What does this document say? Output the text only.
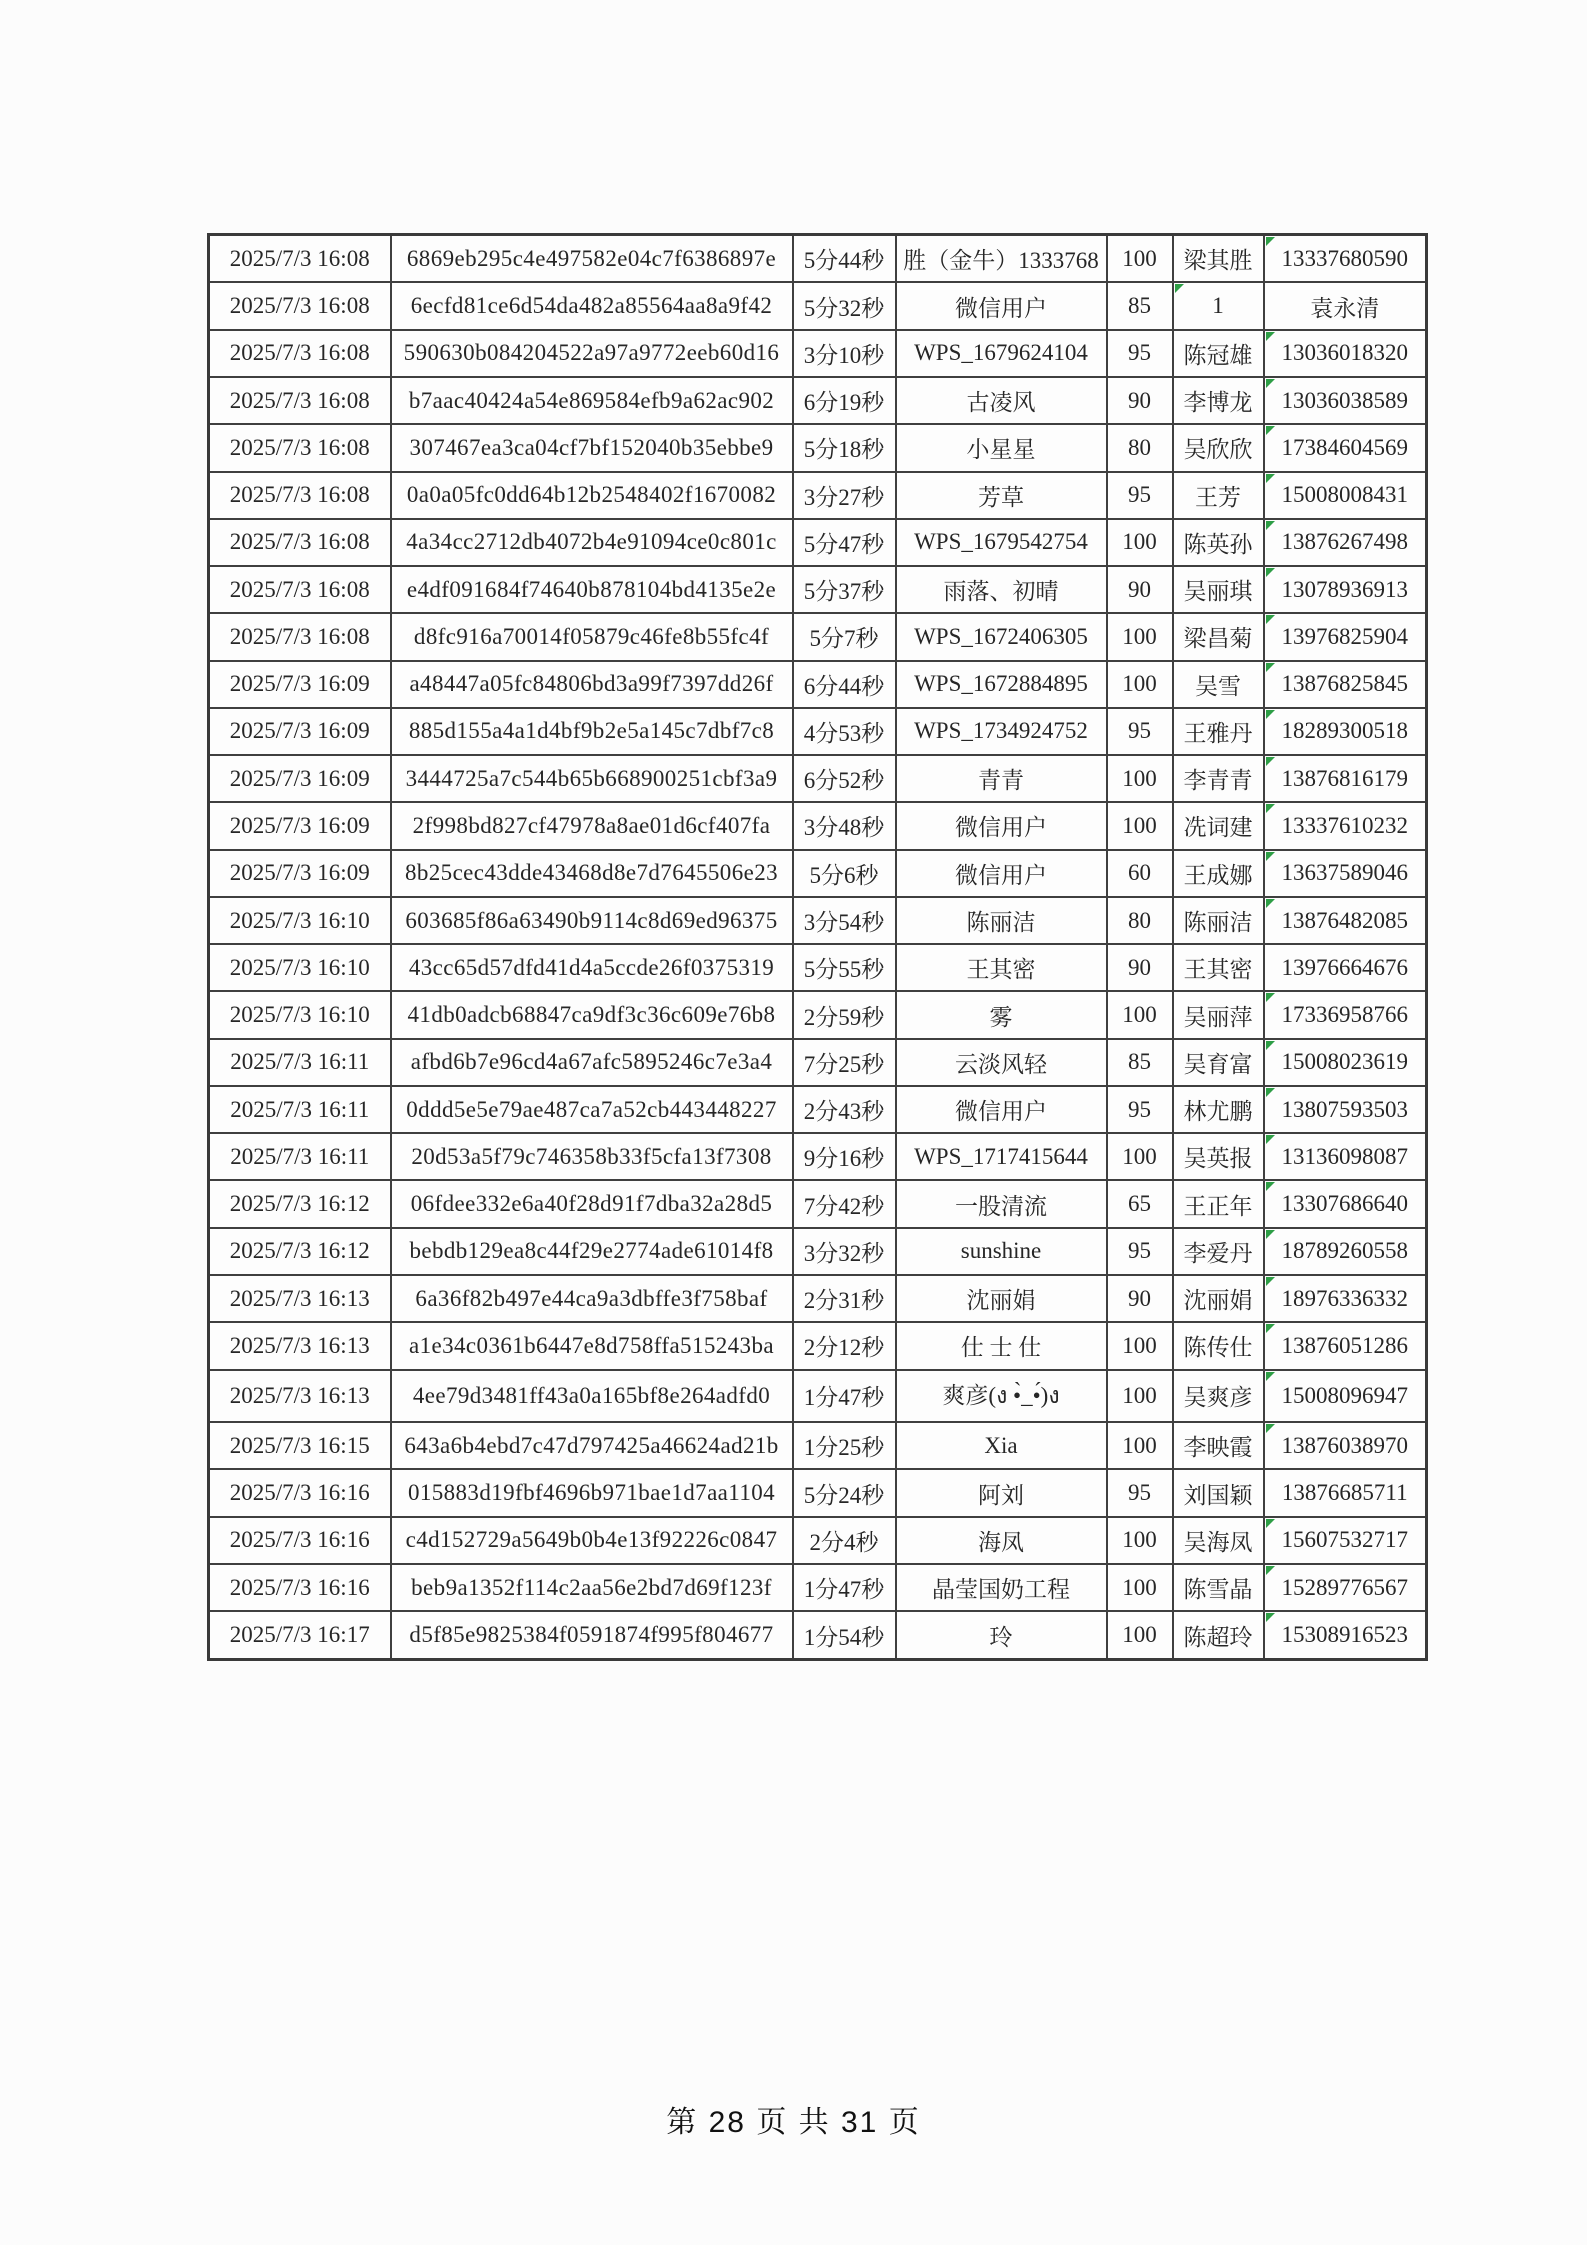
2025/7/3 16:08	6869eb295c4e497582e04c7f6386897e	5分44秒	胜（金牛）1333768	100	梁其胜	13337680590

2025/7/3 16:08	6ecfd81ce6d54da482a85564aa8a9f42	5分32秒	微信用户	85	1	袁永清
2025/7/3 16:08	590630b084204522a97a9772eeb60d16	3分10秒	WPS_1679624104	95	陈冠雄	13036018320

2025/7/3 16:08	b7aac40424a54e869584efb9a62ac902	6分19秒	古凌风	90	李博龙	13036038589

2025/7/3 16:08	307467ea3ca04cf7bf152040b35ebbe9	5分18秒	小星星	80	吴欣欣	17384604569

2025/7/3 16:08	0a0a05fc0dd64b12b2548402f1670082	3分27秒	芳草	95	王芳	15008008431

2025/7/3 16:08	4a34cc2712db4072b4e91094ce0c801c	5分47秒	WPS_1679542754	100	陈英孙	13876267498

2025/7/3 16:08	e4df091684f74640b878104bd4135e2e	5分37秒	雨落、初晴	90	吴丽琪	13078936913

2025/7/3 16:08	d8fc916a70014f05879c46fe8b55fc4f	5分7秒	WPS_1672406305	100	梁昌菊	13976825904

2025/7/3 16:09	a48447a05fc84806bd3a99f7397dd26f	6分44秒	WPS_1672884895	100	吴雪	13876825845

2025/7/3 16:09	885d155a4a1d4bf9b2e5a145c7dbf7c8	4分53秒	WPS_1734924752	95	王雅丹	18289300518

2025/7/3 16:09	3444725a7c544b65b668900251cbf3a9	6分52秒	青青	100	李青青	13876816179

2025/7/3 16:09	2f998bd827cf47978a8ae01d6cf407fa	3分48秒	微信用户	100	冼词建	13337610232

2025/7/3 16:09	8b25cec43dde43468d8e7d7645506e23	5分6秒	微信用户	60	王成娜	13637589046

2025/7/3 16:10	603685f86a63490b9114c8d69ed96375	3分54秒	陈丽洁	80	陈丽洁	13876482085

2025/7/3 16:10	43cc65d57dfd41d4a5ccde26f0375319	5分55秒	王其密	90	王其密	13976664676
2025/7/3 16:10	41db0adcb68847ca9df3c36c609e76b8	2分59秒	雾	100	吴丽萍	17336958766

2025/7/3 16:11	afbd6b7e96cd4a67afc5895246c7e3a4	7分25秒	云淡风轻	85	吴育富	15008023619

2025/7/3 16:11	0ddd5e5e79ae487ca7a52cb443448227	2分43秒	微信用户	95	林尤鹏	13807593503

2025/7/3 16:11	20d53a5f79c746358b33f5cfa13f7308	9分16秒	WPS_1717415644	100	吴英报	13136098087

2025/7/3 16:12	06fdee332e6a40f28d91f7dba32a28d5	7分42秒	一股清流	65	王正年	13307686640

2025/7/3 16:12	bebdb129ea8c44f29e2774ade61014f8	3分32秒	sunshine	95	李爱丹	18789260558

2025/7/3 16:13	6a36f82b497e44ca9a3dbffe3f758baf	2分31秒	沈丽娟	90	沈丽娟	18976336332

2025/7/3 16:13	a1e34c0361b6447e8d758ffa515243ba	2分12秒	仕 士 仕	100	陈传仕	13876051286

2025/7/3 16:13	4ee79d3481ff43a0a165bf8e264adfd0	1分47秒	爽彦(ง •̀_•́)ง	100	吴爽彦	15008096947

2025/7/3 16:15	643a6b4ebd7c47d797425a46624ad21b	1分25秒	Xia	100	李映霞	13876038970

2025/7/3 16:16	015883d19fbf4696b971bae1d7aa1104	5分24秒	阿刘	95	刘国颖	13876685711
2025/7/3 16:16	c4d152729a5649b0b4e13f92226c0847	2分4秒	海凤	100	吴海凤	15607532717

2025/7/3 16:16	beb9a1352f114c2aa56e2bd7d69f123f	1分47秒	晶莹国奶工程	100	陈雪晶	15289776567

2025/7/3 16:17	d5f85e9825384f0591874f995f804677	1分54秒	玲	100	陈超玲	15308916523
第 28 页 共 31 页
